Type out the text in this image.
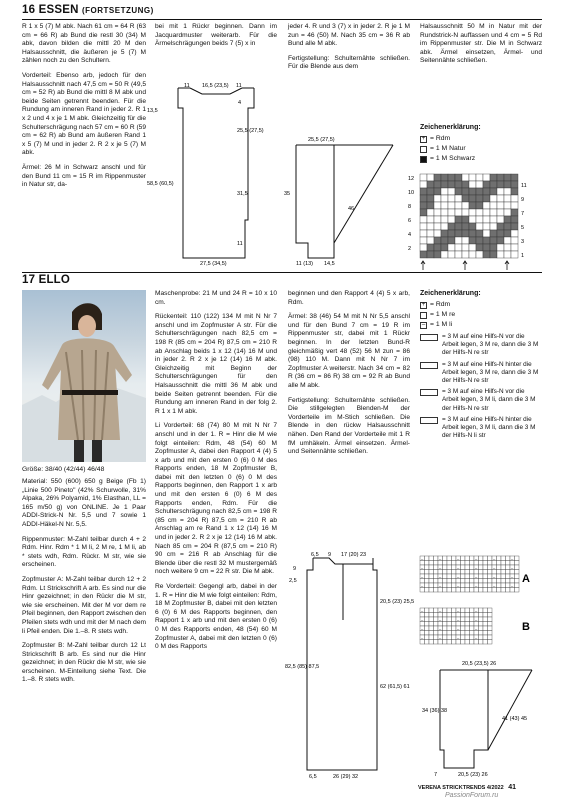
16 ESSEN (FORTSETZUNG)

R 1 x 5 (7) M abk. Nach 61 cm = 64 R (63 cm = 66 R) ab Bund die restl 30 (34) M abk, davon bilden die mittl 20 M den Halsausschnitt, die äußeren je 5 (7) M zählen noch zu den Schultern.

Vorderteil: Ebenso arb, jedoch für den Halsausschnitt nach 47,5 cm = 50 R (49,5 cm = 52 R) ab Bund die mittl 8 M abk und beide Seiten getrennt beenden. Für die Rundung am inneren Rand in jeder 2. R 1 x 2 und 4 x je 1 M abk. Gleichzeitig für die Schulterschrägung nach 57 cm = 60 R (59 cm = 62 R) ab Bund am äußeren Rand 1 x 5 (7) M und in jeder 2. R 2 x je 5 (7) M abk.

Ärmel: 26 M in Schwarz anschl und für den Bund 11 cm = 15 R im Rippenmuster in Natur str, da-

bei mit 1 Rückr beginnen. Dann im Jacquardmuster weiterarb. Für die Ärmelschrägungen beids 7 (5) x in

jeder 4. R und 3 (7) x in jeder 2. R je 1 M zun = 46 (50) M. Nach 35 cm = 36 R ab Bund alle M abk.

Fertigstellung: Schulternähte schließen. Für die Blende aus dem

Halsausschnitt 50 M in Natur mit der Rundstrick-N auffassen und 4 cm = 5 Rd im Rippenmuster str. Die M in Schwarz abk. Ärmel einsetzen, Ärmel- und Seitennähte schließen.

11 16,5 (23,5) 11
4
25,5 (27,5)
31,5
11
13,5
58,5 (60,5)
27,5 (34,5)
25,5 (27,5)
35
46
11 (13) 14,5
Zeichenerklärung:
+ = Rdm
= 1 M Natur
= 1 M Schwarz
12
10
8
6
4
2
11
9
7
5
3
1
17 ELLO
Größe: 38/40 (42/44) 46/48

Material: 550 (600) 650 g Beige (Fb 1) „Linie 500 Pineto" (42% Schurwolle, 31% Alpaka, 26% Polyamid, 1% Elasthan, LL = 165 m/50 g) von ONLINE. Je 1 Paar ADDI-Strick-N Nr. 5,5 und 7 sowie 1 ADDI-Häkel-N Nr. 5,5.

Rippenmuster: M-Zahl teilbar durch 4 + 2 Rdm. Hinr. Rdm * 1 M li, 2 M re, 1 M li, ab * stets wdh, Rdm. Rückr. M str, wie sie erscheinen.

Zopfmuster A: M-Zahl teilbar durch 12 + 2 Rdm. Lt Strickschrift A arb. Es sind nur die Hinr gezeichnet; in den Rückr die M str, wie sie erscheinen. Mit der M vor dem re Pfeil beginnen, den Rapport zwischen den Pfeilen stets wdh und mit der M nach dem li Pfeil enden. Die 1.–8. R stets wdh.

Zopfmuster B: M-Zahl teilbar durch 12 Lt Strickschrift B arb. Es sind nur die Hinr gezeichnet; in den Rückr die M str, wie sie erscheinen. M-Einteilung siehe Text. Die 1.–8. R stets wdh.

Maschenprobe: 21 M und 24 R = 10 x 10 cm.

Rückenteil: 110 (122) 134 M mit N Nr 7 anschl und im Zopfmuster A str. Für die Schulterschrägungen nach 82,5 cm = 198 R (85 cm = 204 R) 87,5 cm = 210 R ab Anschlag beids 1 x 12 (14) 16 M und in jeder 2. R 2 x je 12 (14) 16 M abk. Gleichzeitig mit Beginn der Schulterschrägungen für den Halsausschnitt die mittl 36 M abk und beide Seiten getrennt beenden. Für die Rundung am inneren Rand in der folg 2. R 1 x 1 M abk.

Li Vorderteil: 68 (74) 80 M mit N Nr 7 anschl und in der 1. R = Hinr die M wie folgt einteilen: Rdm, 48 (54) 60 M Zopfmuster A, dabei den Rapport 4 (4) 5 x arb und mit den ersten 0 (6) 0 M des Rapports enden, 18 M Zopfmuster B, dabei mit den letzten 0 (6) 0 M des Rapports beginnen, den Rapport 1 x arb und mit den ersten 6 (0) 6 M des Rapports enden, Rdm. Für die Schulterschrägung nach 82,5 cm = 198 R (85 cm = 204 R) 87,5 cm = 210 R ab Anschlag am re Rand 1 x 12 (14) 16 M und in jeder 2. R 2 x je 12 (14) 16 M abk. Nach 85 cm = 204 R (87,5 cm = 210 R) 90 cm = 216 R ab Anschlag für die Blende über die restl 32 M mustergemäß noch weitere 9 cm = 22 R str. Die M abk.

Re Vorderteil: Gegengl arb, dabei in der 1. R = Hinr die M wie folgt einteilen: Rdm, 18 M Zopfmuster B, dabei mit den letzten 6 (0) 6 M des Rapports beginnen, den Rapport 1 x arb und mit den ersten 0 (6) 0 M des Rapports enden, 48 (54) 60 M Zopfmuster A, dabei mit den letzten 0 (6) 0 M des Rapports

beginnen und den Rapport 4 (4) 5 x arb, Rdm.

Ärmel: 38 (46) 54 M mit N Nr 5,5 anschl und für den Bund 7 cm = 19 R im Rippenmuster str, dabei mit 1 Rückr beginnen. In der letzten Bund-R gleichmäßig vert 48 (52) 56 M zun = 86 (98) 110 M. Dann mit N Nr 7 im Zopfmuster A weiterstr. Nach 34 cm = 82 R (36 cm = 86 R) 38 cm = 92 R ab Bund alle M abk.

Fertigstellung: Schulternähte schließen. Die stillgelegten Blenden-M der Vorderteile im M-Stich schließen. Die Blende in den rückw Halsausschnitt nähen. Den Rand der Vorderteile mit 1 R fM umhäkeln. Ärmel einsetzen. Ärmel- und Seitennähte schließen.

Zeichenerklärung:
+ = Rdm
= 1 M re
– = 1 M li
= 3 M auf eine Hilfs-N vor die Arbeit legen, 3 M re, dann die 3 M der Hilfs-N re str
= 3 M auf eine Hilfs-N hinter die Arbeit legen, 3 M re, dann die 3 M der Hilfs-N re str
= 3 M auf eine Hilfs-N vor die Arbeit legen, 3 M li, dann die 3 M der Hilfs-N re str
= 3 M auf eine Hilfs-N hinter die Arbeit legen, 3 M li, dann die 3 M der Hilfs-N li str
6,5 9 17 (20) 23
9
2,5
82,5 (85) 87,5
20,5 (23) 25,5
62 (61,5) 61
6,5	26 (29) 32
A
B
–	–	–	–	–	–
–	–	–	–	–	–
–	–	–	–	–	–
–	–	–	–	–	–
–	–	–	–
–	–	–	–
–	–	–	–
–	–	–	–
20,5 (23,5) 26
34 (36) 38
41 (43) 45
7	20,5 (23) 26
VERENA STRICKTRENDS 4/2022 41
PassionForum.ru
